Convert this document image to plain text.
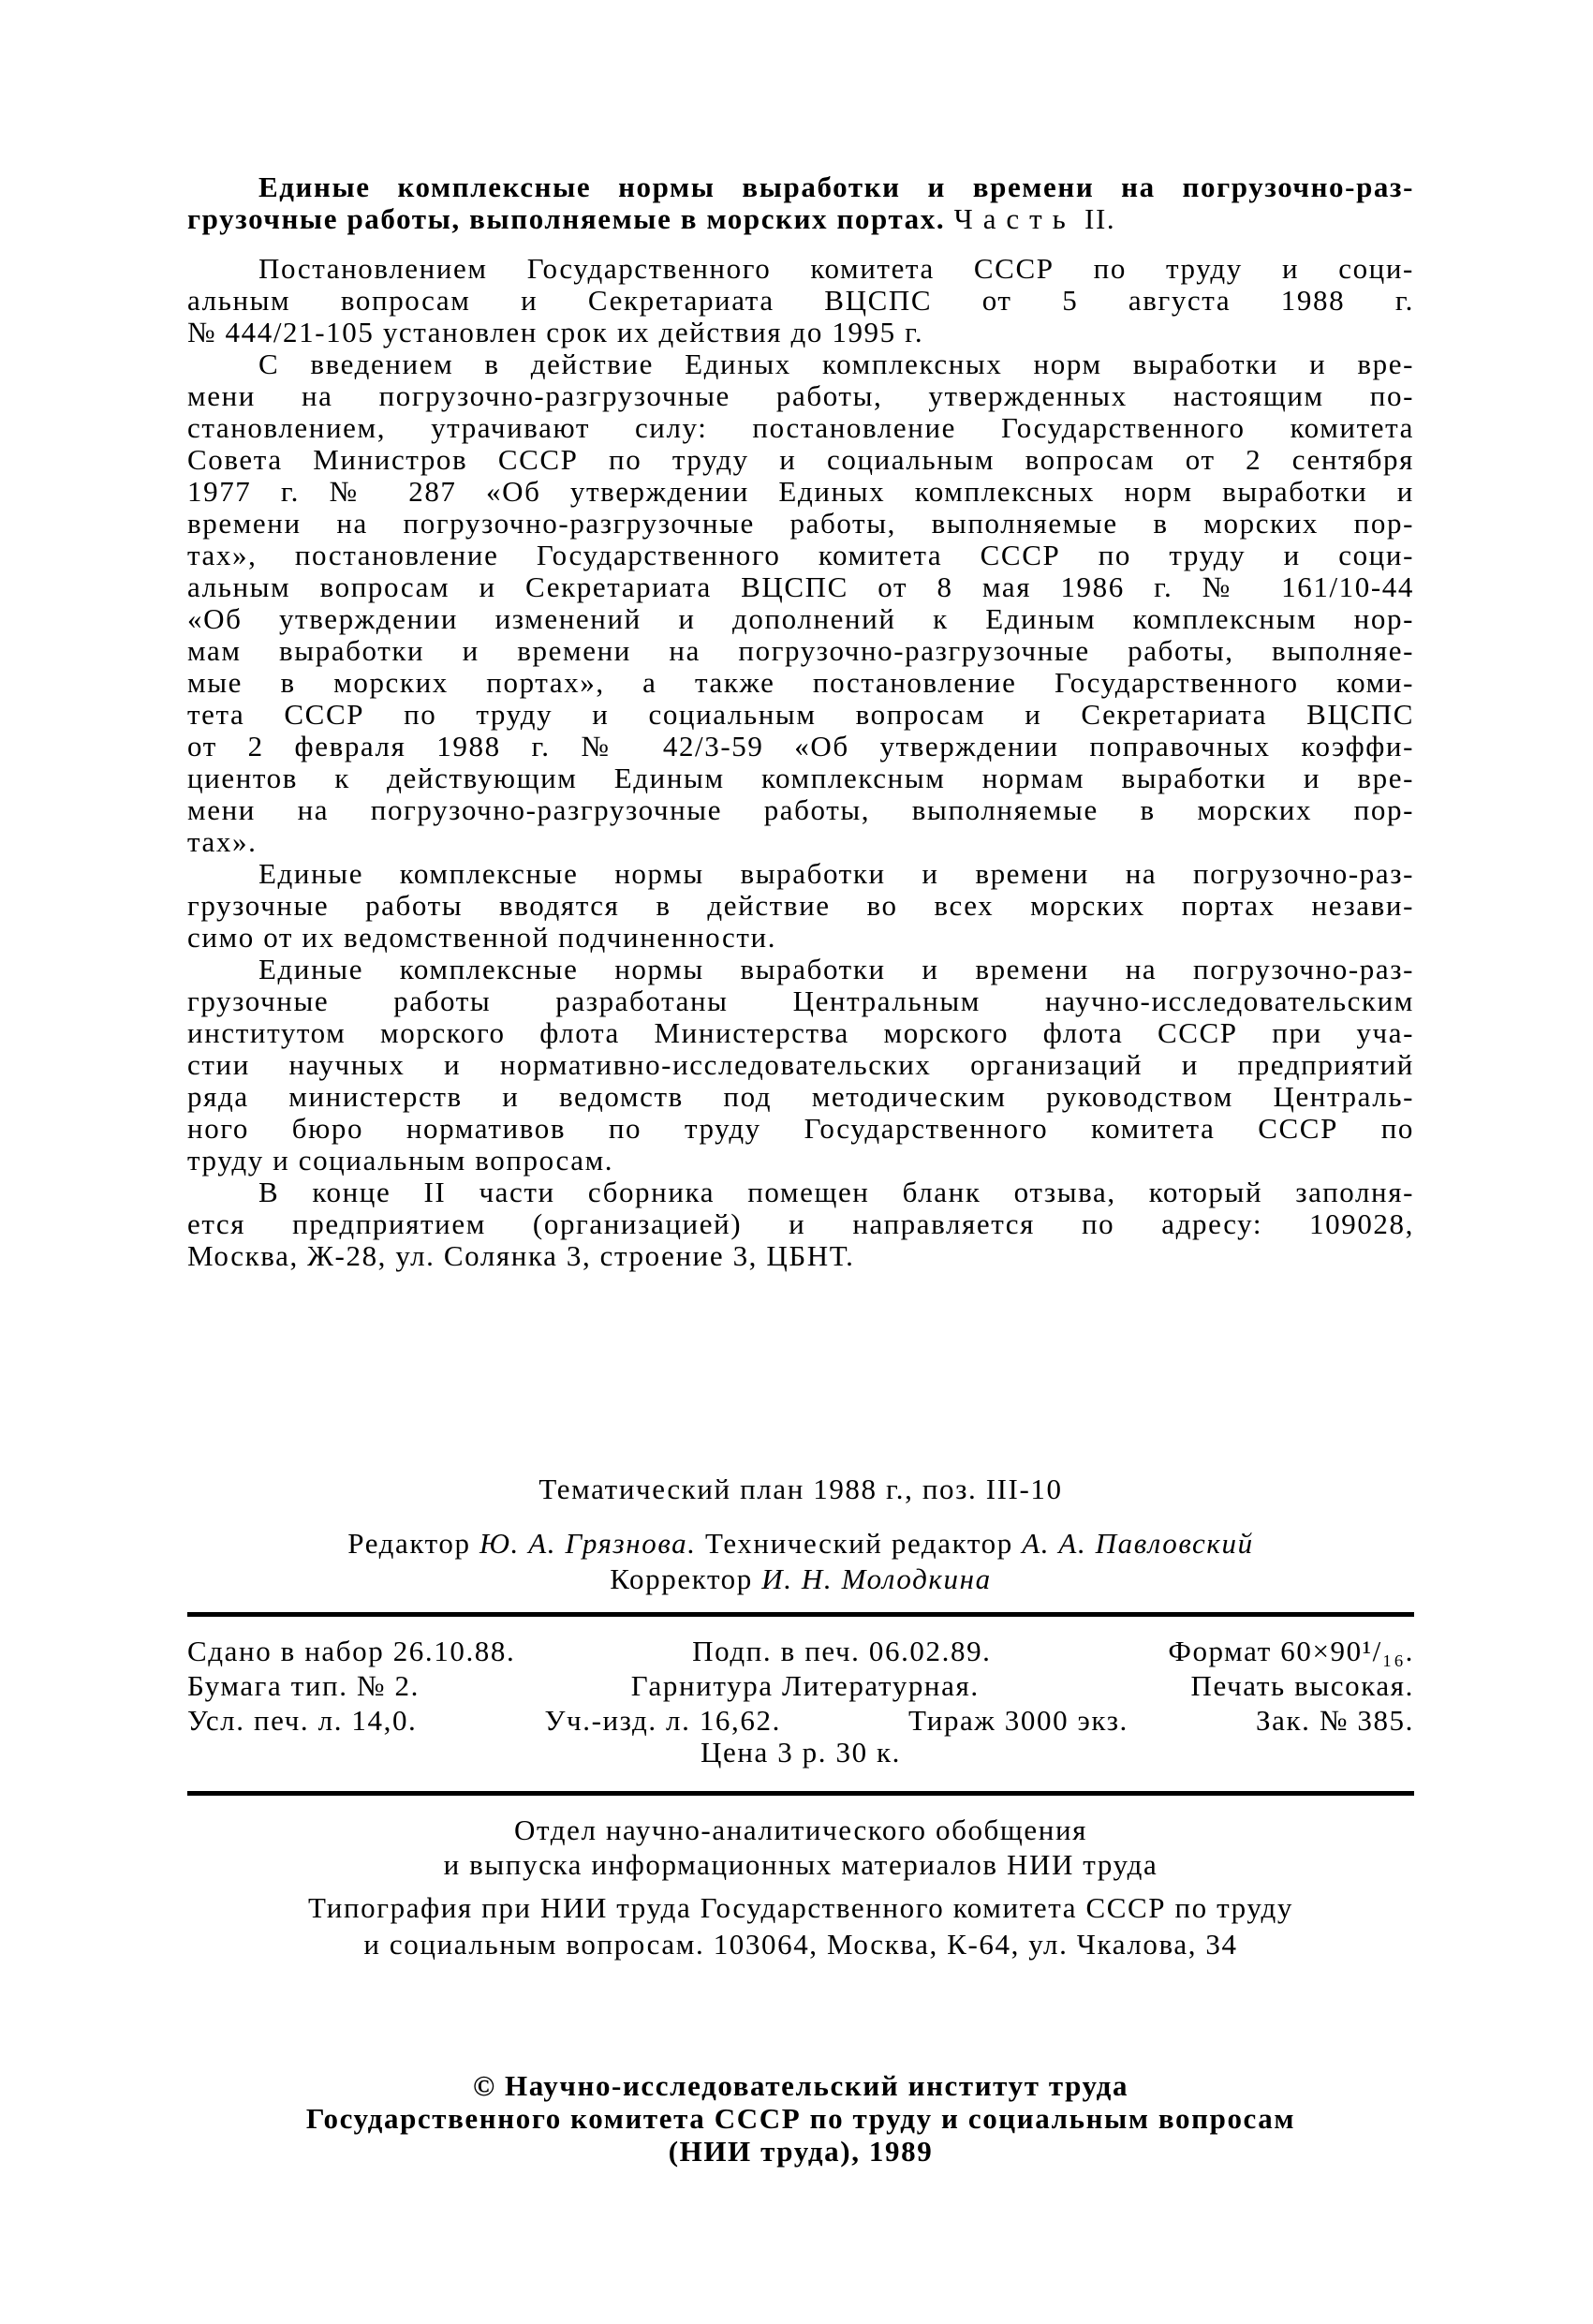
Единые комплексные нормы выработки и времени на погрузочно-раз-
грузочные работы, выполняемые в морских портах. Ч а с т ь  II.
Постановлением Государственного комитета СССР по труду и соци-
альным вопросам и Секретариата ВЦСПС от 5 августа 1988 г.
№ 444/21-105 установлен срок их действия до 1995 г.
С введением в действие Единых комплексных норм выработки и вре-
мени на погрузочно-разгрузочные работы, утвержденных настоящим по-
становлением, утрачивают силу: постановление Государственного комитета
Совета Министров СССР по труду и социальным вопросам от 2 сентября
1977 г. № 287 «Об утверждении Единых комплексных норм выработки и
времени на погрузочно-разгрузочные работы, выполняемые в морских пор-
тах», постановление Государственного комитета СССР по труду и соци-
альным вопросам и Секретариата ВЦСПС от 8 мая 1986 г. № 161/10-44
«Об утверждении изменений и дополнений к Единым комплексным нор-
мам выработки и времени на погрузочно-разгрузочные работы, выполняе-
мые в морских портах», а также постановление Государственного коми-
тета СССР по труду и социальным вопросам и Секретариата ВЦСПС
от 2 февраля 1988 г. № 42/3-59 «Об утверждении поправочных коэффи-
циентов к действующим Единым комплексным нормам выработки и вре-
мени на погрузочно-разгрузочные работы, выполняемые в морских пор-
тах».
Единые комплексные нормы выработки и времени на погрузочно-раз-
грузочные работы вводятся в действие во всех морских портах незави-
симо от их ведомственной подчиненности.
Единые комплексные нормы выработки и времени на погрузочно-раз-
грузочные работы разработаны Центральным научно-исследовательским
институтом морского флота Министерства морского флота СССР при уча-
стии научных и нормативно-исследовательских организаций и предприятий
ряда министерств и ведомств под методическим руководством Централь-
ного бюро нормативов по труду Государственного комитета СССР по
труду и социальным вопросам.
В конце II части сборника помещен бланк отзыва, который заполня-
ется предприятием (организацией) и направляется по адресу: 109028,
Москва, Ж-28, ул. Солянка 3, строение 3, ЦБНТ.
Тематический план 1988 г., поз. III-10
Редактор Ю. А. Грязнова. Технический редактор А. А. Павловский
Корректор И. Н. Молодкина
Сдано в набор 26.10.88.	Подп. в печ. 06.02.89.	Формат 60×90¹/₁₆.
Бумага тип. № 2.	Гарнитура Литературная.	Печать высокая.
Усл. печ. л. 14,0.	Уч.-изд. л. 16,62.	Тираж 3000 экз.	Зак. № 385.
Цена 3 р. 30 к.
Отдел научно-аналитического обобщения
и выпуска информационных материалов НИИ труда
Типография при НИИ труда Государственного комитета СССР по труду
и социальным вопросам. 103064, Москва, К-64, ул. Чкалова, 34
© Научно-исследовательский институт труда
Государственного комитета СССР по труду и социальным вопросам
(НИИ труда), 1989
